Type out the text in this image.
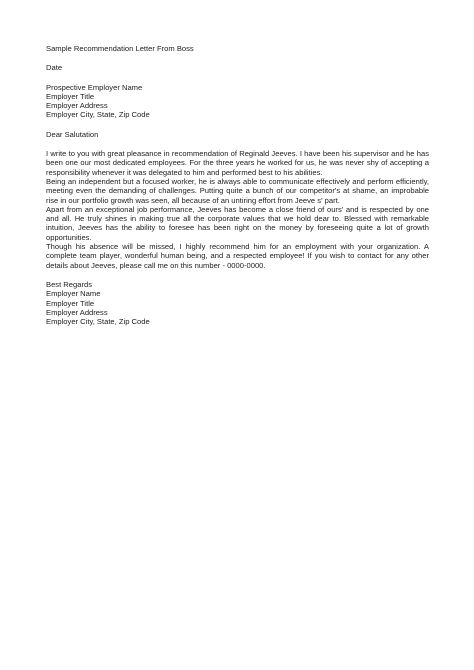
Sample Recommendation Letter From Boss
Date
Prospective Employer Name
Employer Title
Employer Address
Employer City, State, Zip Code
Dear Salutation

I write to you with great pleasance in recommendation of Reginald Jeeves. I have been his supervisor and he has been one our most dedicated employees. For the three years he worked for us, he was never shy of accepting a responsibility whenever it was delegated to him and performed best to his abilities.

Being an independent but a focused worker, he is always able to communicate effectively and perform efficiently, meeting even the demanding of challenges. Putting quite a bunch of our competitor's at shame, an improbable rise in our portfolio growth was seen, all because of an untiring effort from Jeeve s' part.

Apart from an exceptional job performance, Jeeves has become a close friend of ours' and is respected by one and all. He truly shines in making true all the corporate values that we hold dear to. Blessed with remarkable intuition, Jeeves has the ability to foresee has been right on the money by foreseeing quite a lot of growth opportunities.

Though his absence will be missed, I highly recommend him for an employment with your organization. A complete team player, wonderful human being, and a respected employee! If you wish to contact for any other details about Jeeves, please call me on this number - 0000-0000.

Best Regards
Employer Name
Employer Title
Employer Address
Employer City, State, Zip Code
